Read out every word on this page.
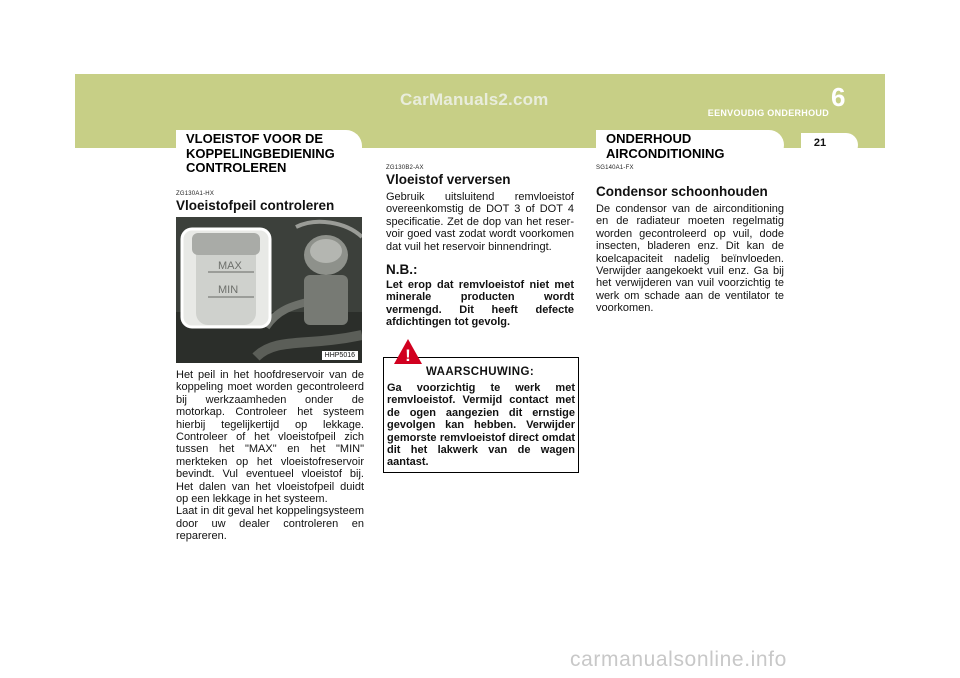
CarManuals2.com	6
EENVOUDIG ONDERHOUD
21
VLOEISTOF VOOR DE
KOPPELINGBEDIENING
CONTROLEREN
ONDERHOUD
AIRCONDITIONING

ZG130A1-HX

Vloeistofpeil controleren

MAX
MIN
HHP5016

Het peil in het hoofdreservoir van de koppeling moet worden gecontroleerd bij werkzaamheden onder de motorkap. Controleer het systeem hierbij tegelijkertijd op lekkage. Controleer of het vloeistofpeil zich tussen het "MAX" en het "MIN" merkteken op het vloeistofreservoir bevindt. Vul eventueel vloeistof bij. Het dalen van het vloeistofpeil duidt op een lekkage in het systeem.

Laat in dit geval het koppelingsysteem door uw dealer controleren en repareren.

ZG130B2-AX

Vloeistof verversen

Gebruik uitsluitend remvloeistof overeenkomstig de DOT 3 of DOT 4 specificatie. Zet de dop van het reser-voir goed vast zodat wordt voorkomen dat vuil het reservoir binnendringt.

N.B.:

Let erop dat remvloeistof niet met minerale producten wordt vermengd. Dit heeft defecte afdichtingen tot gevolg.

!
WAARSCHUWING:

Ga voorzichtig te werk met remvloeistof. Vermijd contact met de ogen aangezien dit ernstige gevolgen kan hebben. Verwijder gemorste remvloeistof direct omdat dit het lakwerk van de wagen aantast.

SG140A1-FX

Condensor schoonhouden

De condensor van de airconditioning en de radiateur moeten regelmatig worden gecontroleerd op vuil, dode insecten, bladeren enz. Dit kan de koelcapaciteit nadelig beïnvloeden. Verwijder aangekoekt vuil enz. Ga bij het verwijderen van vuil voorzichtig te werk om schade aan de ventilator te voorkomen.

carmanualsonline.info
